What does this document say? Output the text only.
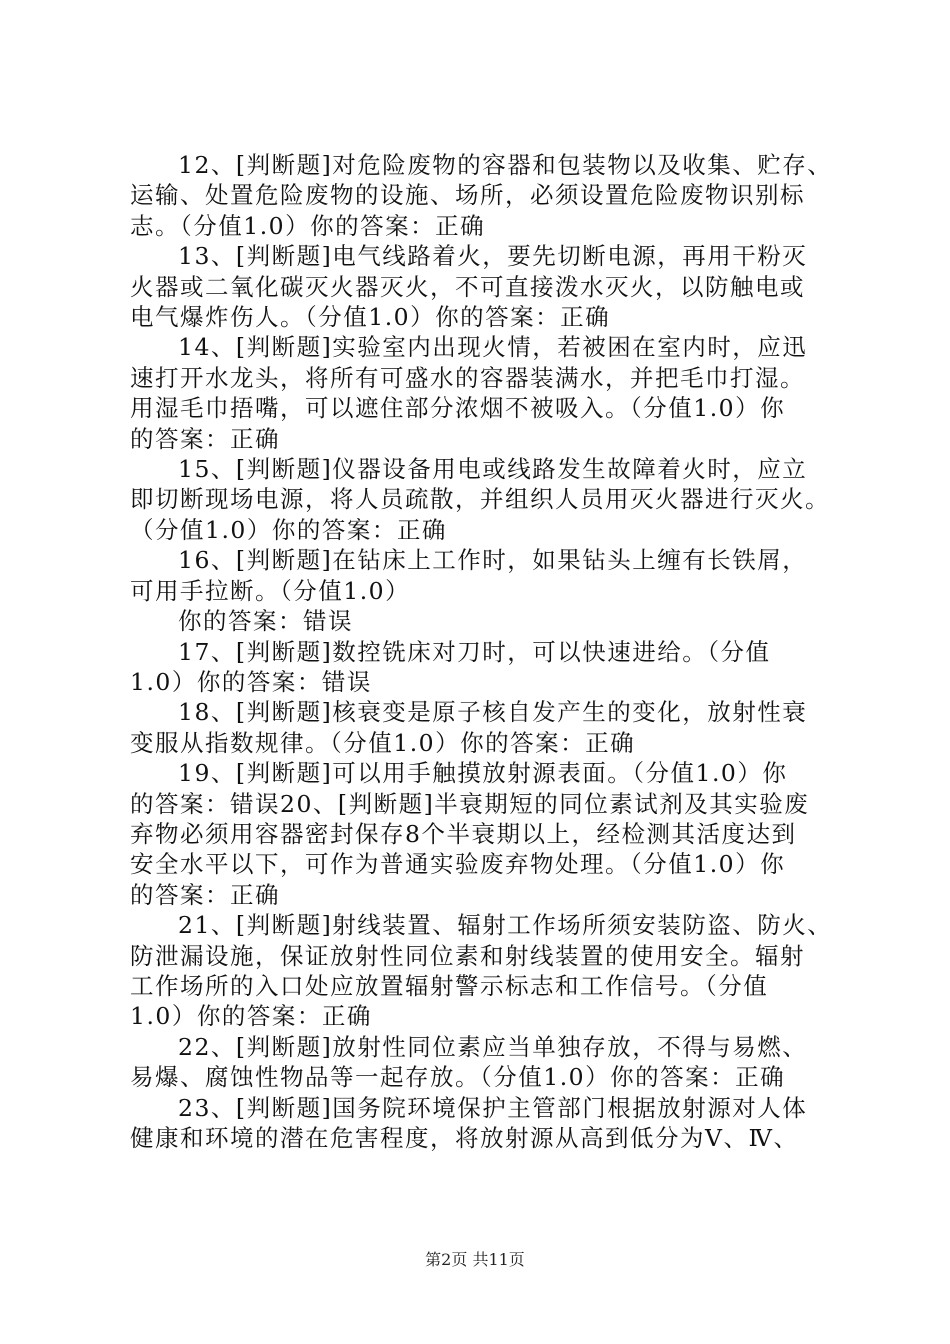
12、[判断题]对危险废物的容器和包装物以及收集、贮存、
运输、处置危险废物的设施、场所，必须设置危险废物识别标
志。（分值1.0）你的答案：正确
13、[判断题]电气线路着火，要先切断电源，再用干粉灭
火器或二氧化碳灭火器灭火，不可直接泼水灭火，以防触电或
电气爆炸伤人。（分值1.0）你的答案：正确
14、[判断题]实验室内出现火情，若被困在室内时，应迅
速打开水龙头，将所有可盛水的容器装满水，并把毛巾打湿。
用湿毛巾捂嘴，可以遮住部分浓烟不被吸入。（分值1.0）你
的答案：正确
15、[判断题]仪器设备用电或线路发生故障着火时，应立
即切断现场电源，将人员疏散，并组织人员用灭火器进行灭火。
（分值1.0）你的答案：正确
16、[判断题]在钻床上工作时，如果钻头上缠有长铁屑，
可用手拉断。（分值1.0）
你的答案：错误
17、[判断题]数控铣床对刀时，可以快速进给。（分值
1.0）你的答案：错误
18、[判断题]核衰变是原子核自发产生的变化，放射性衰
变服从指数规律。（分值1.0）你的答案：正确
19、[判断题]可以用手触摸放射源表面。（分值1.0）你
的答案：错误20、[判断题]半衰期短的同位素试剂及其实验废
弃物必须用容器密封保存8个半衰期以上，经检测其活度达到
安全水平以下，可作为普通实验废弃物处理。（分值1.0）你
的答案：正确
21、[判断题]射线装置、辐射工作场所须安装防盗、防火、
防泄漏设施，保证放射性同位素和射线装置的使用安全。辐射
工作场所的入口处应放置辐射警示标志和工作信号。（分值
1.0）你的答案：正确
22、[判断题]放射性同位素应当单独存放，不得与易燃、
易爆、腐蚀性物品等一起存放。（分值1.0）你的答案：正确
23、[判断题]国务院环境保护主管部门根据放射源对人体
健康和环境的潜在危害程度，将放射源从高到低分为Ⅴ、Ⅳ、
第2页 共11页
